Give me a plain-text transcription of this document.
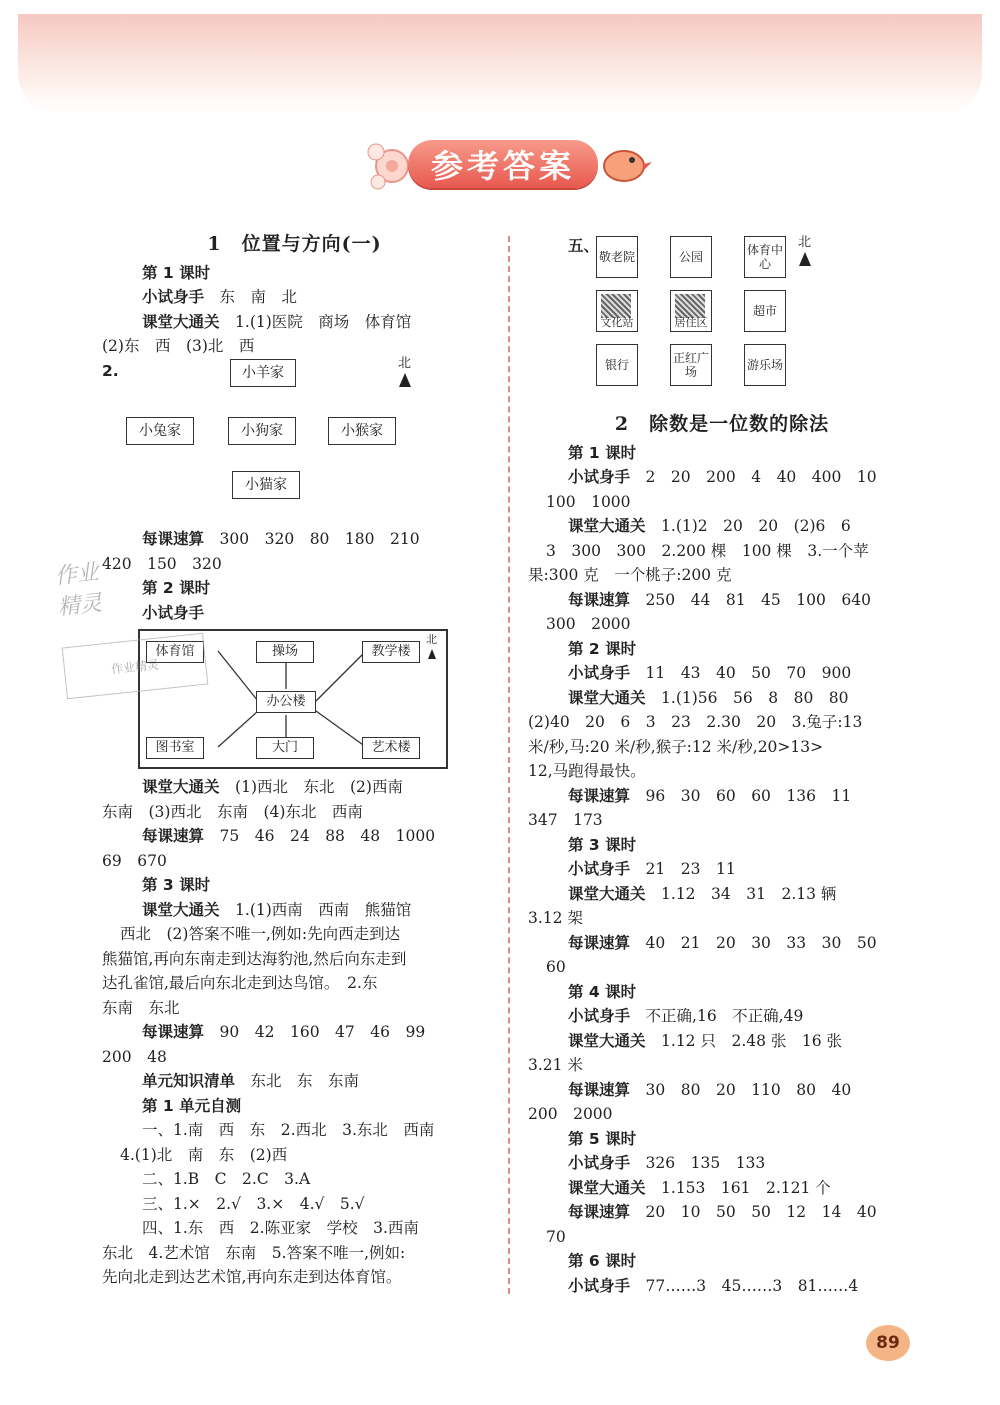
参考答案
1　位置与方向(一)

第 1 课时

小试身手　 东　南　北

课堂大通关　 1.(1)医院　商场　体育馆

(2)东　西　(3)北　西

2.	小羊家
北
小兔家	小狗家	小猴家
小猫家

每课速算　 300　320　80　180　210

420　150　320

第 2 课时

小试身手

体育馆	操场	教学楼
办公楼
图书室	大门	艺术楼
北

课堂大通关　 (1)西北　东北　(2)西南

东南　(3)西北　东南　(4)东北　西南

每课速算　 75　46　24　88　48　1000

69　670

第 3 课时

课堂大通关　 1.(1)西南　西南　熊猫馆

西北　(2)答案不唯一,例如:先向西走到达

熊猫馆,再向东南走到达海豹池,然后向东走到

达孔雀馆,最后向东北走到达鸟馆。　2.东

东南　东北

每课速算　 90　42　160　47　46　99

200　48

单元知识清单　 东北　东　东南

第 1 单元自测

一、1.南　西　东　2.西北　3.东北　西南

4.(1)北　南　东　(2)西

二、1.B　C　2.C　3.A

三、1.×　2.√　3.×　4.√　5.√

四、1.东　西　2.陈亚家　学校　3.西南

东北　4.艺术馆　东南　5.答案不唯一,例如:

先向北走到达艺术馆,再向东走到达体育馆。

作业
精灵
作业精灵
五、
敬老院	公园	体育中心
北
文化站	居住区
超市
银行	正红广场	游乐场
2　除数是一位数的除法

第 1 课时

小试身手　 2　20　200　4　40　400　10

100　1000

课堂大通关　 1.(1)2　20　20　(2)6　6

3　300　300　2.200 棵　100 棵　3.一个苹

果:300 克　一个桃子:200 克

每课速算　 250　44　81　45　100　640

300　2000

第 2 课时

小试身手　 11　43　40　50　70　900

课堂大通关　 1.(1)56　56　8　80　80

(2)40　20　6　3　23　2.30　20　3.兔子:13

米/秒,马:20 米/秒,猴子:12 米/秒,20>13>

12,马跑得最快。

每课速算　 96　30　60　60　136　11

347　173

第 3 课时

小试身手　 21　23　11

课堂大通关　 1.12　34　31　2.13 辆

3.12 架

每课速算　 40　21　20　30　33　30　50

60

第 4 课时

小试身手　 不正确,16　不正确,49

课堂大通关　 1.12 只　2.48 张　16 张

3.21 米

每课速算　 30　80　20　110　80　40

200　2000

第 5 课时

小试身手　 326　135　133

课堂大通关　 1.153　161　2.121 个

每课速算　 20　10　50　50　12　14　40

70

第 6 课时

小试身手　 77……3　45……3　81……4

89
